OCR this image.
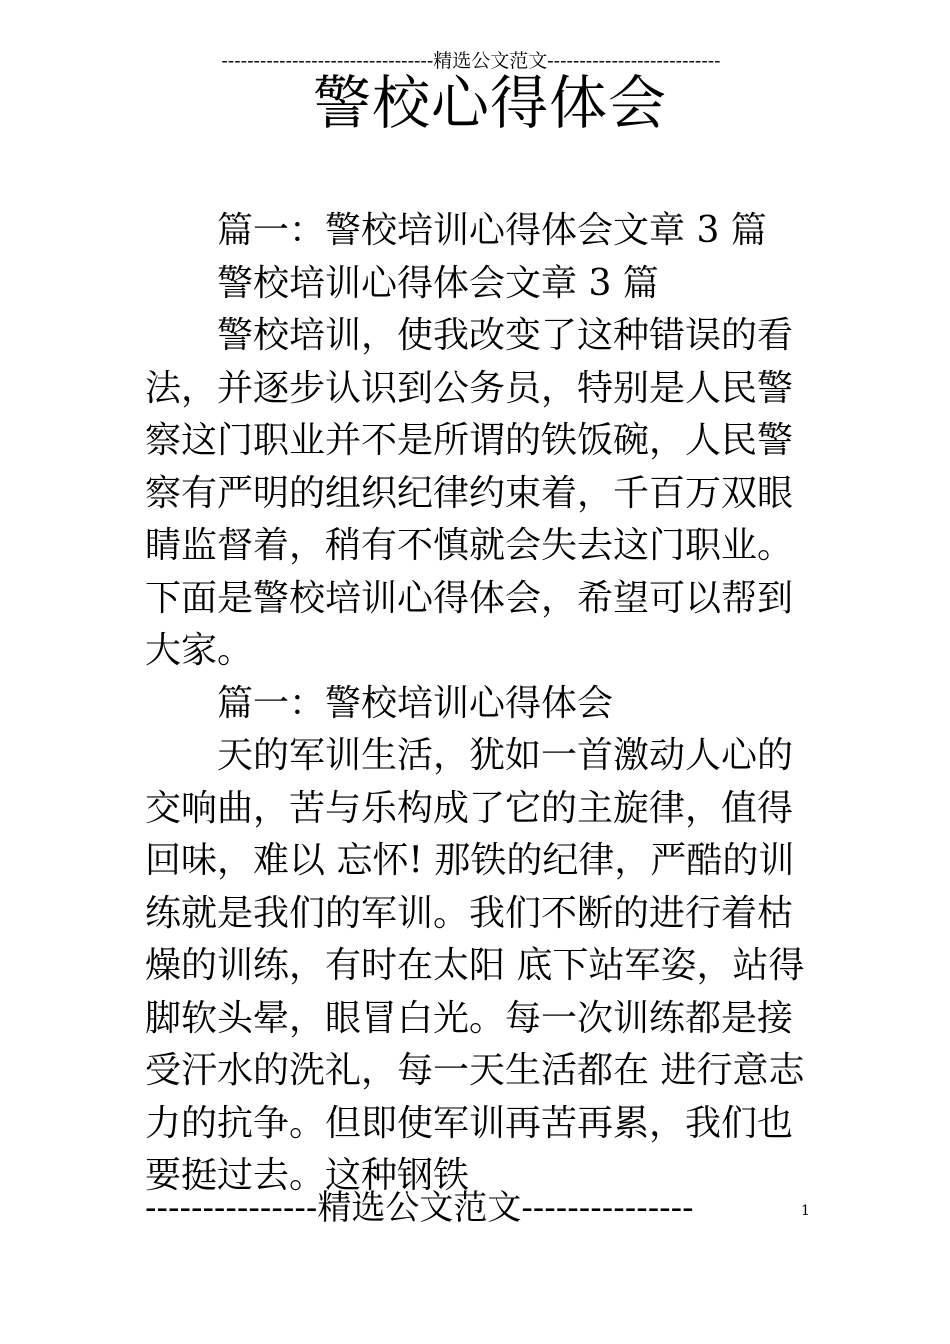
---------------------------------精选公文范文---------------------------
警校心得体会

篇一：警校培训心得体会文章 3 篇

警校培训心得体会文章 3 篇

警校培训，使我改变了这种错误的看法，并逐步认识到公务员，特别是人民警察这门职业并不是所谓的铁饭碗，人民警察有严明的组织纪律约束着，千百万双眼睛监督着，稍有不慎就会失去这门职业。下面是警校培训心得体会，希望可以帮到大家。

篇一：警校培训心得体会

天的军训生活，犹如一首激动人心的交响曲，苦与乐构成了它的主旋律，值得回味，难以 忘怀! 那铁的纪律，严酷的训练就是我们的军训。我们不断的进行着枯燥的训练，有时在太阳 底下站军姿，站得脚软头晕，眼冒白光。每一次训练都是接受汗水的洗礼，每一天生活都在 进行意志力的抗争。但即使军训再苦再累，我们也要挺过去。这种钢铁

---------------精选公文范文---------------	1
